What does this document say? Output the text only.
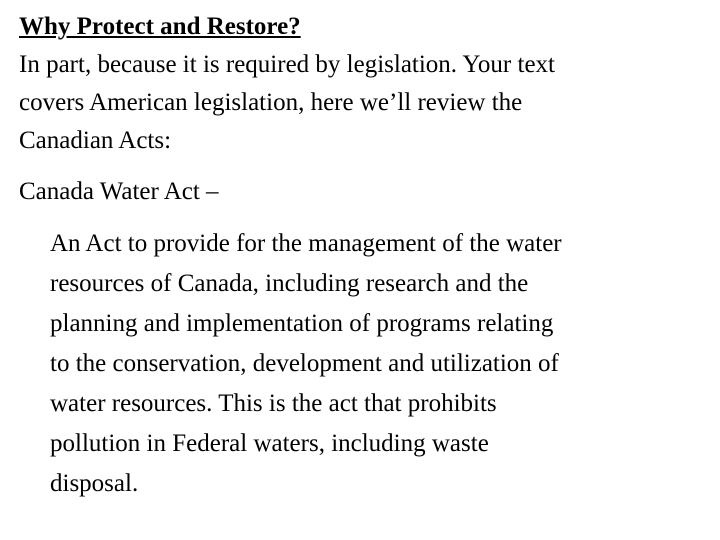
Why Protect and Restore?
In part, because it is required by legislation. Your text
covers American legislation, here we’ll review the
Canadian Acts:
Canada Water Act –
An Act to provide for the management of the water
resources of Canada, including research and the
planning and implementation of programs relating
to the conservation, development and utilization of
water resources. This is the act that prohibits
pollution in Federal waters, including waste
disposal.
